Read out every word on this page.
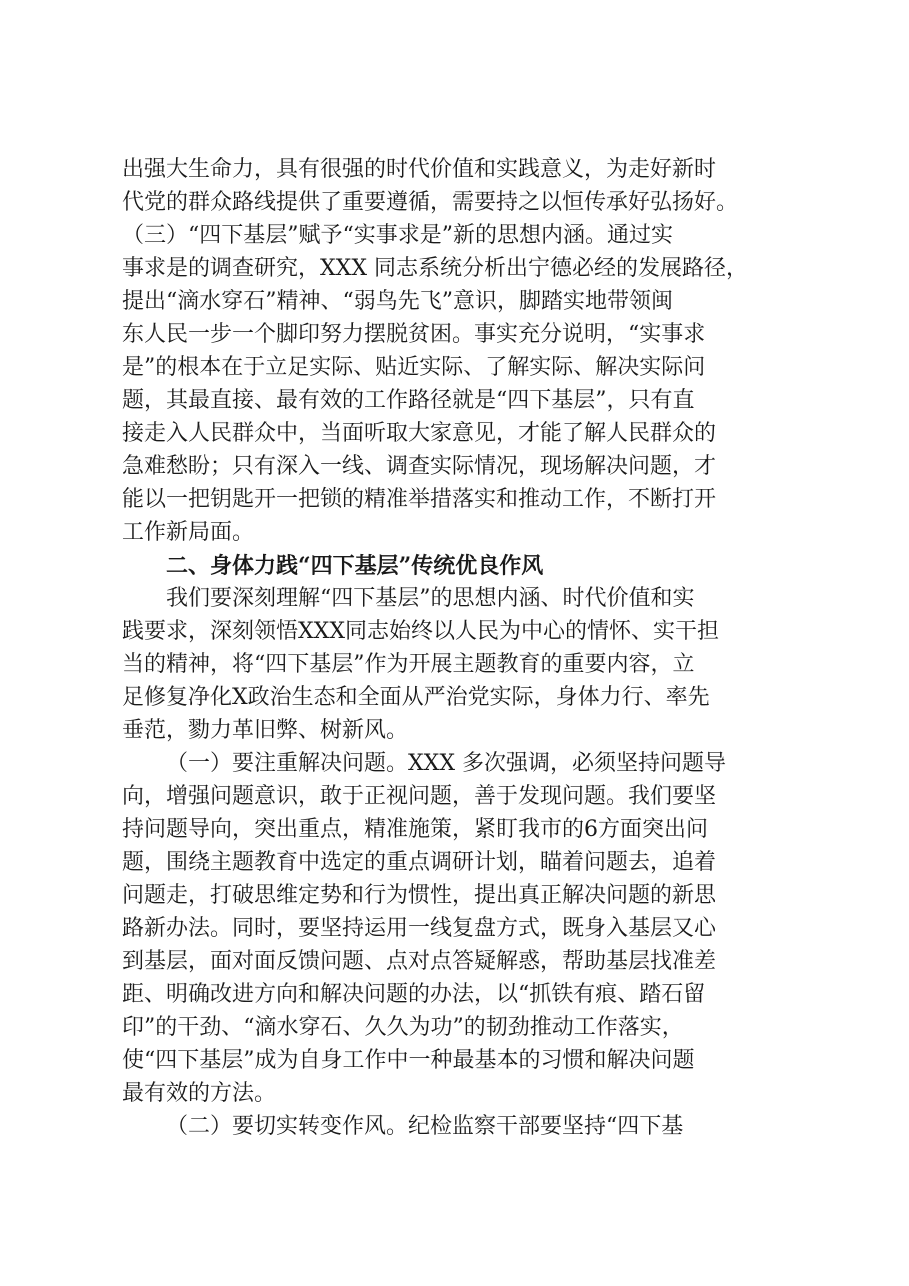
出强大生命力，具有很强的时代价值和实践意义，为走好新时
代党的群众路线提供了重要遵循，需要持之以恒传承好弘扬好。
（三）“四下基层”赋予“实事求是”新的思想内涵。通过实
事求是的调查研究，XXX 同志系统分析出宁德必经的发展路径，
提出“滴水穿石”精神、“弱鸟先飞”意识，脚踏实地带领闽
东人民一步一个脚印努力摆脱贫困。事实充分说明，“实事求
是”的根本在于立足实际、贴近实际、了解实际、解决实际问
题，其最直接、最有效的工作路径就是“四下基层”，只有直
接走入人民群众中，当面听取大家意见，才能了解人民群众的
急难愁盼；只有深入一线、调查实际情况，现场解决问题，才
能以一把钥匙开一把锁的精准举措落实和推动工作，不断打开
工作新局面。
二、身体力践“四下基层”传统优良作风
我们要深刻理解“四下基层”的思想内涵、时代价值和实
践要求，深刻领悟XXX同志始终以人民为中心的情怀、实干担
当的精神，将“四下基层”作为开展主题教育的重要内容，立
足修复净化X政治生态和全面从严治党实际，身体力行、率先
垂范，勠力革旧弊、树新风。
（一）要注重解决问题。XXX 多次强调，必须坚持问题导
向，增强问题意识，敢于正视问题，善于发现问题。我们要坚
持问题导向，突出重点，精准施策，紧盯我市的6方面突出问
题，围绕主题教育中选定的重点调研计划，瞄着问题去，追着
问题走，打破思维定势和行为惯性，提出真正解决问题的新思
路新办法。同时，要坚持运用一线复盘方式，既身入基层又心
到基层，面对面反馈问题、点对点答疑解惑，帮助基层找准差
距、明确改进方向和解决问题的办法，以“抓铁有痕、踏石留
印”的干劲、“滴水穿石、久久为功”的韧劲推动工作落实，
使“四下基层”成为自身工作中一种最基本的习惯和解决问题
最有效的方法。
（二）要切实转变作风。纪检监察干部要坚持“四下基
